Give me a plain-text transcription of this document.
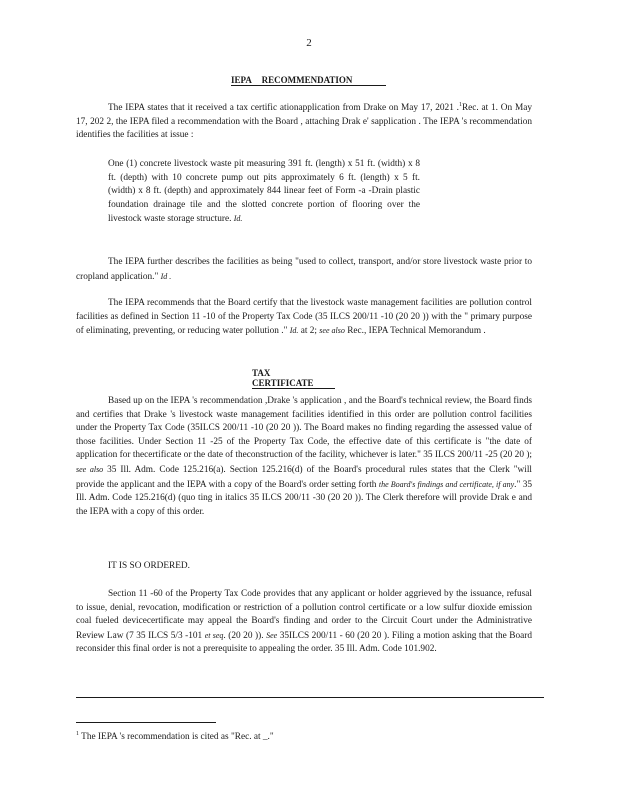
2
IEPA RECOMMENDATION
The IEPA states that it received a tax certific ationapplication from Drake on May 17, 2021 .$^1$Rec. at 1. On May 17, 202 2, the IEPA filed a recommendation with the Board , attaching Drak e' sapplication . The IEPA 's recommendation identifies the facilities at issue :
One (1) concrete livestock waste pit measuring 391 ft. (length) x 51 ft. (width) x 8 ft. (depth) with 10 concrete pump out pits approximately 6 ft. (length) x 5 ft. (width) x 8 ft. (depth) and approximately 844 linear feet of Form -a -Drain plastic foundation drainage tile and the slotted concrete portion of flooring over the livestock waste storage structure. Id.
The IEPA further describes the facilities as being "used to collect, transport, and/or store livestock waste prior to cropland application." Id .
The IEPA recommends that the Board certify that the livestock waste management facilities are pollution control facilities as defined in Section 11 -10 of the Property Tax Code (35 ILCS 200/11 -10 (20 20 )) with the " primary purpose of eliminating, preventing, or reducing water pollution ." Id. at 2; see also Rec., IEPA Technical Memorandum .
TAX CERTIFICATE
Based up on the IEPA 's recommendation ,Drake 's application , and the Board's technical review, the Board finds and certifies that Drake 's livestock waste management facilities identified in this order are pollution control facilities under the Property Tax Code (35ILCS 200/11 -10 (20 20 )). The Board makes no finding regarding the assessed value of those facilities. Under Section 11 -25 of the Property Tax Code, the effective date of this certificate is "the date of application for thecertificate or the date of theconstruction of the facility, whichever is later." 35 ILCS 200/11 -25 (20 20 ); see also 35 Ill. Adm. Code 125.216(a). Section 125.216(d) of the Board's procedural rules states that the Clerk "will provide the applicant and the IEPA with a copy of the Board's order setting forth the Board's findings and certificate, if any." 35 Ill. Adm. Code 125.216(d) (quo ting in italics 35 ILCS 200/11 -30 (20 20 )). The Clerk therefore will provide Drak e and the IEPA with a copy of this order.
IT IS SO ORDERED.
Section 11 -60 of the Property Tax Code provides that any applicant or holder aggrieved by the issuance, refusal to issue, denial, revocation, modification or restriction of a pollution control certificate or a low sulfur dioxide emission coal fueled devicecertificate may appeal the Board's finding and order to the Circuit Court under the Administrative Review Law (7 35 ILCS 5/3 -101 et seq. (20 20 )). See 35ILCS 200/11 - 60 (20 20 ). Filing a motion asking that the Board reconsider this final order is not a prerequisite to appealing the order. 35 Ill. Adm. Code 101.902.
$^1$ The IEPA 's recommendation is cited as "Rec. at _."
